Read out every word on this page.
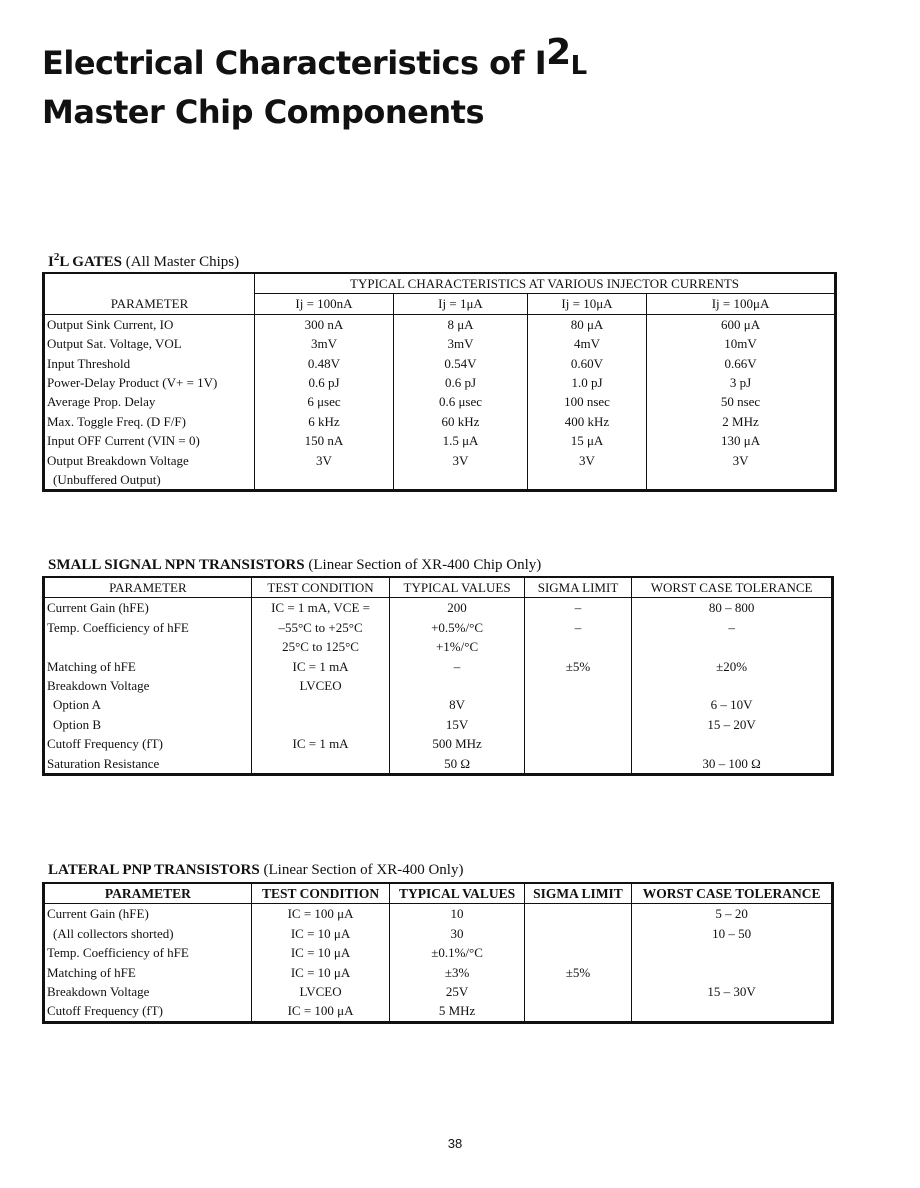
Electrical Characteristics of I2L
Master Chip Components
$I^2L$ GATES (All Master Chips)
PARAMETER	TYPICAL CHARACTERISTICS AT VARIOUS INJECTOR CURRENTS			
	Ij = 100nA	Ij = 1μA	Ij = 10μA	Ij = 100μA
Output Sink Current, IO	300 nA	8 μA	80 μA	600 μA
Output Sat. Voltage, VOL	3mV	3mV	4mV	10mV
Input Threshold	0.48V	0.54V	0.60V	0.66V
Power-Delay Product (V+ = 1V)	0.6 pJ	0.6 pJ	1.0 pJ	3 pJ
Average Prop. Delay	6 μsec	0.6 μsec	100 nsec	50 nsec
Max. Toggle Freq. (D F/F)	6 kHz	60 kHz	400 kHz	2 MHz
Input OFF Current (VIN = 0)	150 nA	1.5 μA	15 μA	130 μA
Output Breakdown Voltage	3V	3V	3V	3V
(Unbuffered Output)				
SMALL SIGNAL NPN TRANSISTORS (Linear Section of XR-400 Chip Only)
PARAMETER	TEST CONDITION	TYPICAL VALUES	SIGMA LIMIT	WORST CASE TOLERANCE
Current Gain (hFE)	IC = 1 mA, VCE =	200	–	80 – 800
Temp. Coefficiency of hFE	–55°C to +25°C	+0.5%/°C	–	–
	25°C to 125°C	+1%/°C		
Matching of hFE	IC = 1 mA	–	±5%	±20%
Breakdown Voltage	LVCEO			
Option A		8V		6 – 10V
Option B		15V		15 – 20V
Cutoff Frequency (fT)	IC = 1 mA	500 MHz		
Saturation Resistance		50 Ω		30 – 100 Ω
LATERAL PNP TRANSISTORS (Linear Section of XR-400 Only)
PARAMETER	TEST CONDITION	TYPICAL VALUES	SIGMA LIMIT	WORST CASE TOLERANCE
Current Gain (hFE)	IC = 100 μA	10		5 – 20
(All collectors shorted)	IC = 10 μA	30		10 – 50
Temp. Coefficiency of hFE	IC = 10 μA	±0.1%/°C		
Matching of hFE	IC = 10 μA	±3%	±5%	
Breakdown Voltage	LVCEO	25V		15 – 30V
Cutoff Frequency (fT)	IC = 100 μA	5 MHz		
38
